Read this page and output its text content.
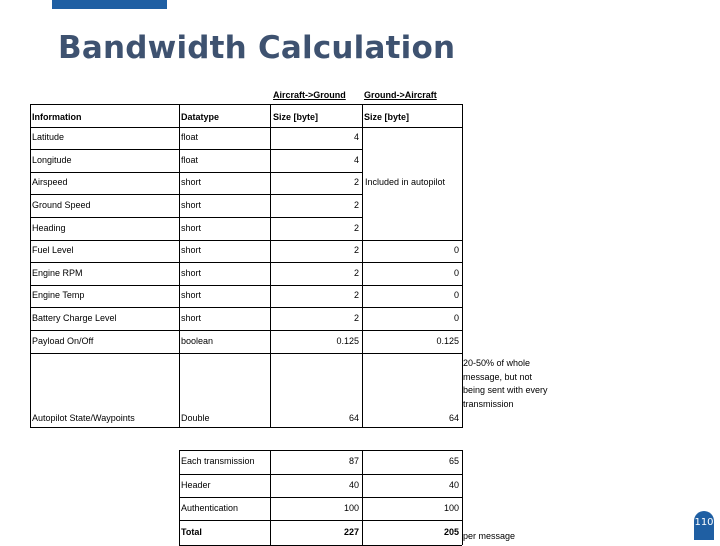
Bandwidth Calculation
Aircraft->Ground Ground->Aircraft
Information	Datatype	Size [byte]	Size [byte]
Included in autopilot
20-50% of whole message, but not being sent with every transmission
per message
110
Latitude	float	4
Longitude	float	4
Airspeed	short	2
Ground Speed	short	2
Heading	short	2
Fuel Level	short	2	0
Engine RPM	short	2	0
Engine Temp	short	2	0
Battery Charge Level	short	2	0
Payload On/Off	boolean	0.125	0.125
Autopilot State/Waypoints	Double	64	64
Each transmission	87	65
Header	40	40
Authentication	100	100
Total	227	205
